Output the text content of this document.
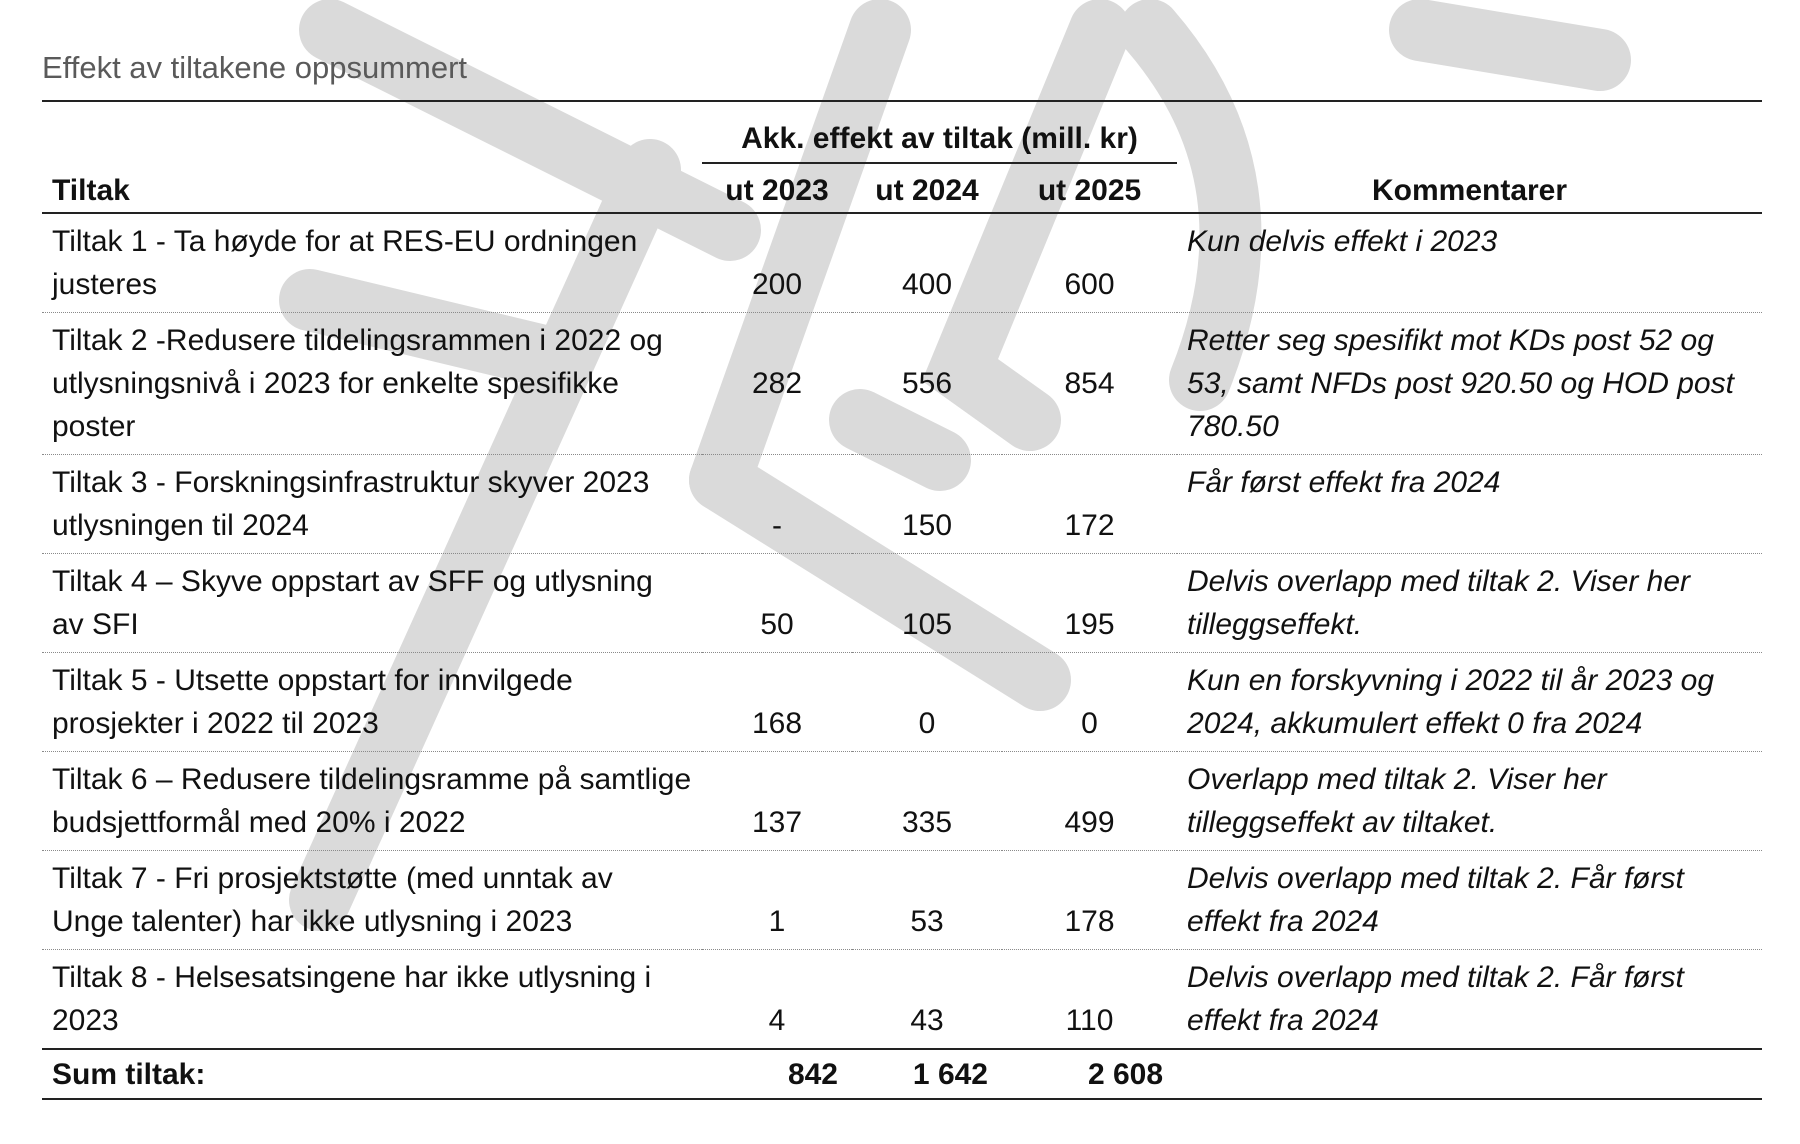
Effekt av tiltakene oppsummert
	Akk. effekt av tiltak (mill. kr)			
Tiltak	ut 2023	ut 2024	ut 2025	Kommentarer
Tiltak 1 - Ta høyde for at RES-EU ordningen justeres	200	400	600	Kun delvis effekt i 2023
Tiltak 2 -Redusere tildelingsrammen i 2022 og utlysningsnivå i 2023 for enkelte spesifikke poster	282	556	854	Retter seg spesifikt mot KDs post 52 og 53, samt NFDs post 920.50 og HOD post 780.50
Tiltak 3 - Forskningsinfrastruktur skyver 2023 utlysningen til 2024	-	150	172	Får først effekt fra 2024
Tiltak 4 – Skyve oppstart av SFF og utlysning av SFI	50	105	195	Delvis overlapp med tiltak 2. Viser her tilleggseffekt.
Tiltak 5 - Utsette oppstart for innvilgede prosjekter i 2022 til 2023	168	0	0	Kun en forskyvning i 2022 til år 2023 og 2024, akkumulert effekt 0 fra 2024
Tiltak 6 – Redusere tildelingsramme på samtlige budsjettformål med 20% i 2022	137	335	499	Overlapp med tiltak 2. Viser her tilleggseffekt av tiltaket.
Tiltak 7 - Fri prosjektstøtte (med unntak av Unge talenter) har ikke utlysning i 2023	1	53	178	Delvis overlapp med tiltak 2. Får først effekt fra 2024
Tiltak 8 - Helsesatsingene har ikke utlysning i 2023	4	43	110	Delvis overlapp med tiltak 2. Får først effekt fra 2024
Sum tiltak:	842	1 642	2 608	
